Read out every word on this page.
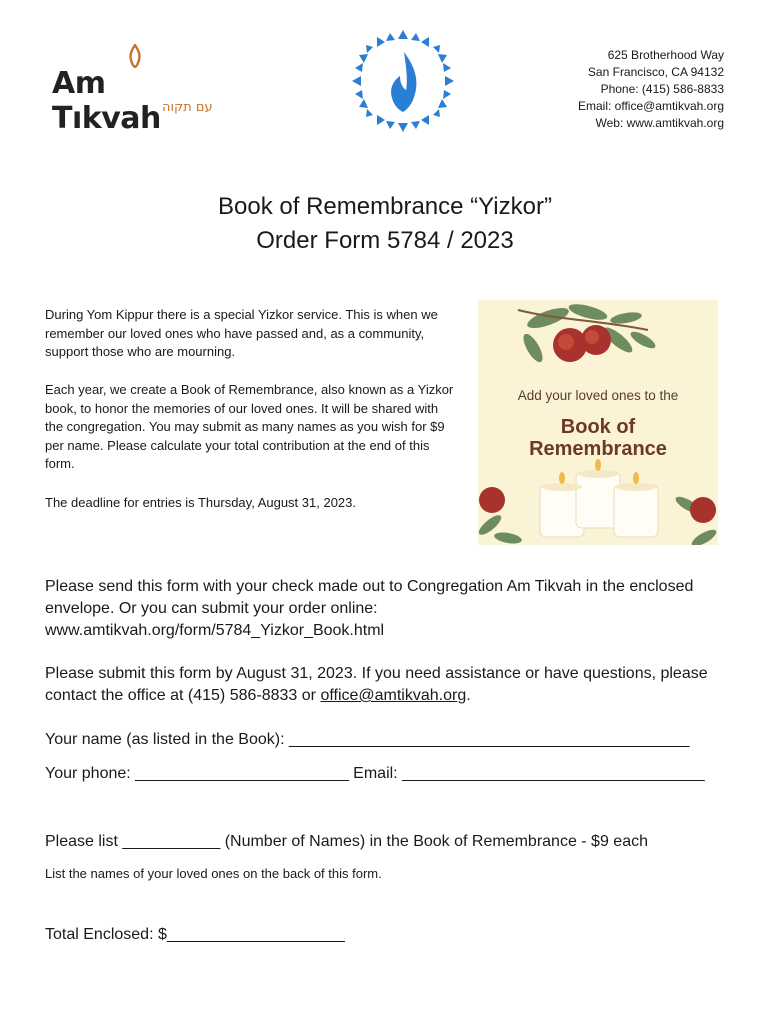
Am Tıkvah עם תקוה
625 Brotherhood Way
San Francisco, CA 94132
Phone: (415) 586-8833
Email: office@amtikvah.org
Web: www.amtikvah.org
Book of Remembrance “Yizkor”
Order Form 5784 / 2023
During Yom Kippur there is a special Yizkor service. This is when we remember our loved ones who have passed and, as a community, support those who are mourning.
Each year, we create a Book of Remembrance, also known as a Yizkor book, to honor the memories of our loved ones. It will be shared with the congregation. You may submit as many names as you wish for $9 per name. Please calculate your total contribution at the end of this form.
The deadline for entries is Thursday, August 31, 2023.
Add your loved ones to the
Book of
Remembrance
Please send this form with your check made out to Congregation Am Tikvah in the enclosed envelope. Or you can submit your order online:
www.amtikvah.org/form/5784_Yizkor_Book.html
Please submit this form by August 31, 2023. If you need assistance or have questions, please contact the office at (415) 586-8833 or office@amtikvah.org.
Your name (as listed in the Book): _____________________________________________
Your phone: ________________________ Email: __________________________________
Please list ___________ (Number of Names) in the Book of Remembrance - $9 each
List the names of your loved ones on the back of this form.
Total Enclosed: $____________________
